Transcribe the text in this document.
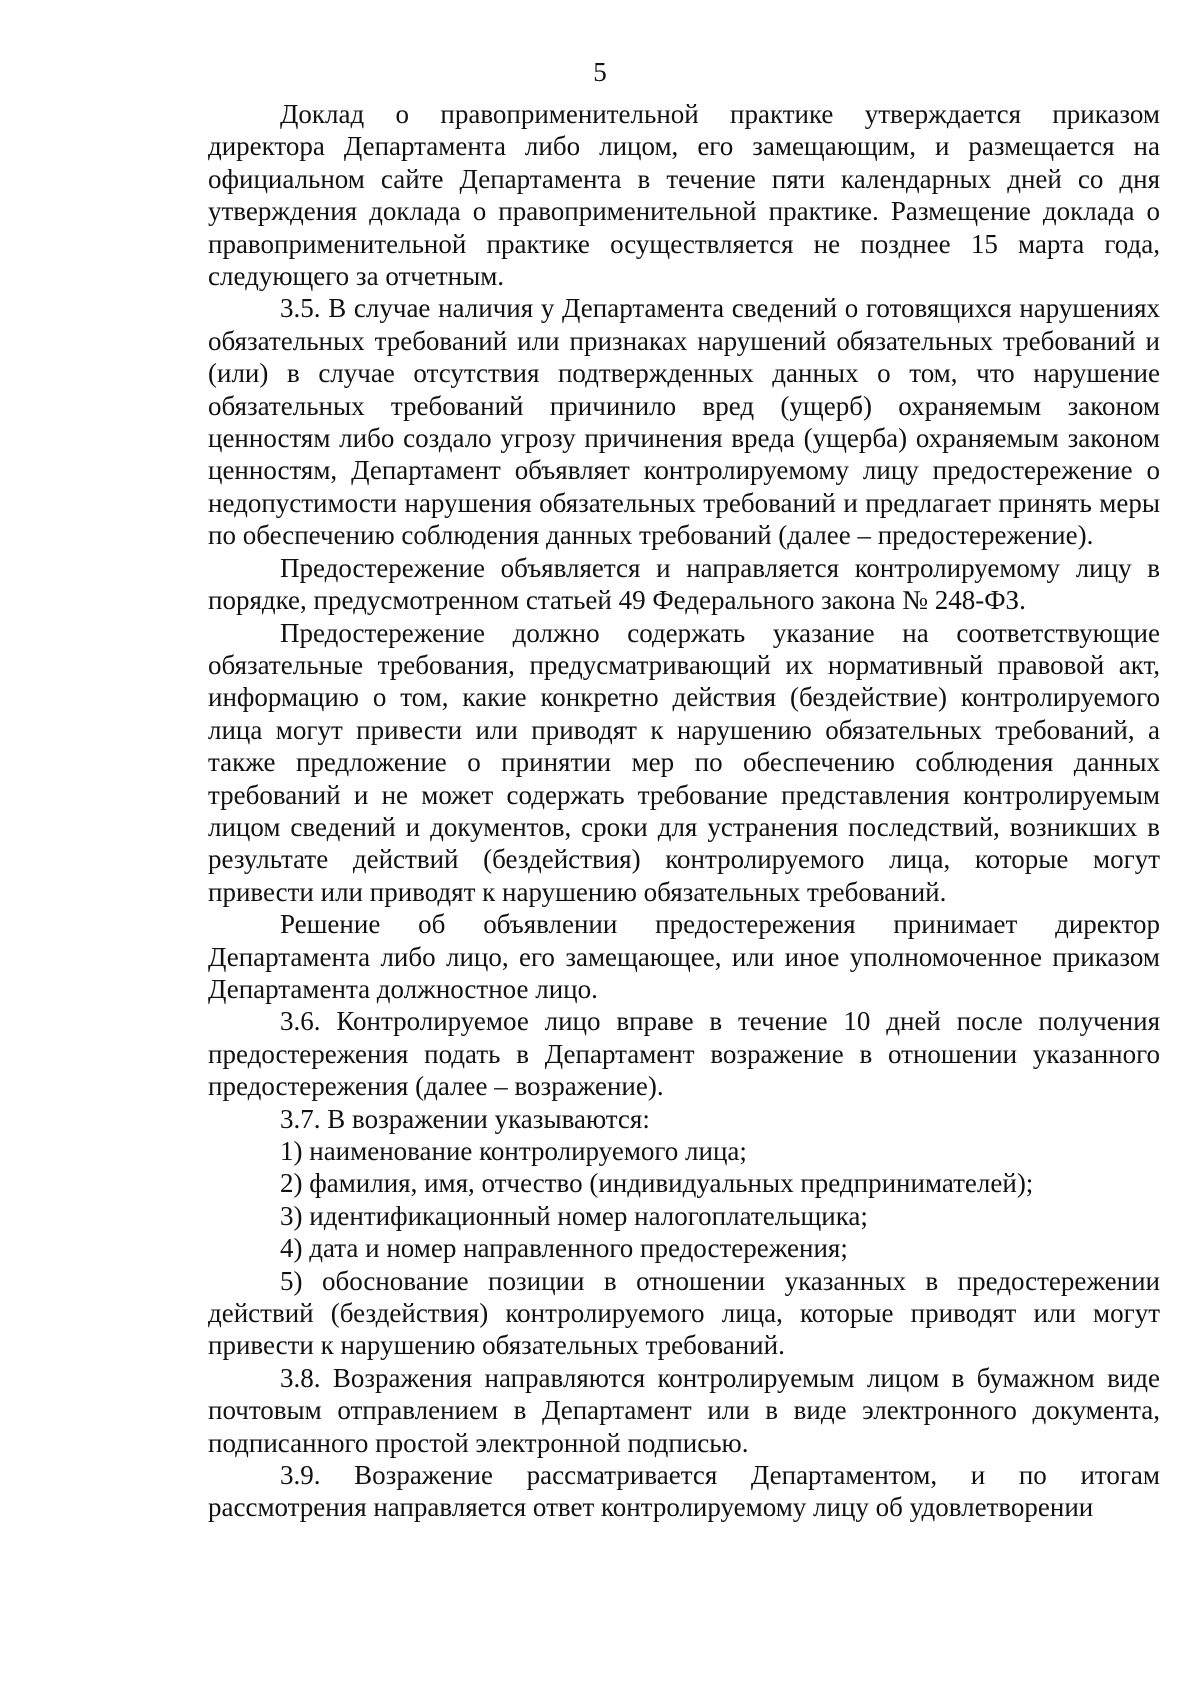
5

Доклад о правоприменительной практике утверждается приказом директора Департамента либо лицом, его замещающим, и размещается на официальном сайте Департамента в течение пяти календарных дней со дня утверждения доклада о правоприменительной практике. Размещение доклада о правоприменительной практике осуществляется не позднее 15 марта года, следующего за отчетным.

3.5. В случае наличия у Департамента сведений о готовящихся нарушениях обязательных требований или признаках нарушений обязательных требований и (или) в случае отсутствия подтвержденных данных о том, что нарушение обязательных требований причинило вред (ущерб) охраняемым законом ценностям либо создало угрозу причинения вреда (ущерба) охраняемым законом ценностям, Департамент объявляет контролируемому лицу предостережение о недопустимости нарушения обязательных требований и предлагает принять меры по обеспечению соблюдения данных требований (далее – предостережение).

Предостережение объявляется и направляется контролируемому лицу в порядке, предусмотренном статьей 49 Федерального закона № 248-ФЗ.

Предостережение должно содержать указание на соответствующие обязательные требования, предусматривающий их нормативный правовой акт, информацию о том, какие конкретно действия (бездействие) контролируемого лица могут привести или приводят к нарушению обязательных требований, а также предложение о принятии мер по обеспечению соблюдения данных требований и не может содержать требование представления контролируемым лицом сведений и документов, сроки для устранения последствий, возникших в результате действий (бездействия) контролируемого лица, которые могут привести или приводят к нарушению обязательных требований.

Решение об объявлении предостережения принимает директор Департамента либо лицо, его замещающее, или иное уполномоченное приказом Департамента должностное лицо.

3.6. Контролируемое лицо вправе в течение 10 дней после получения предостережения подать в Департамент возражение в отношении указанного предостережения (далее – возражение).

3.7. В возражении указываются:

1) наименование контролируемого лица;

2) фамилия, имя, отчество (индивидуальных предпринимателей);

3) идентификационный номер налогоплательщика;

4) дата и номер направленного предостережения;

5) обоснование позиции в отношении указанных в предостережении действий (бездействия) контролируемого лица, которые приводят или могут привести к нарушению обязательных требований.

3.8. Возражения направляются контролируемым лицом в бумажном виде почтовым отправлением в Департамент или в виде электронного документа, подписанного простой электронной подписью.

3.9. Возражение рассматривается Департаментом, и по итогам рассмотрения направляется ответ контролируемому лицу об удовлетворении
